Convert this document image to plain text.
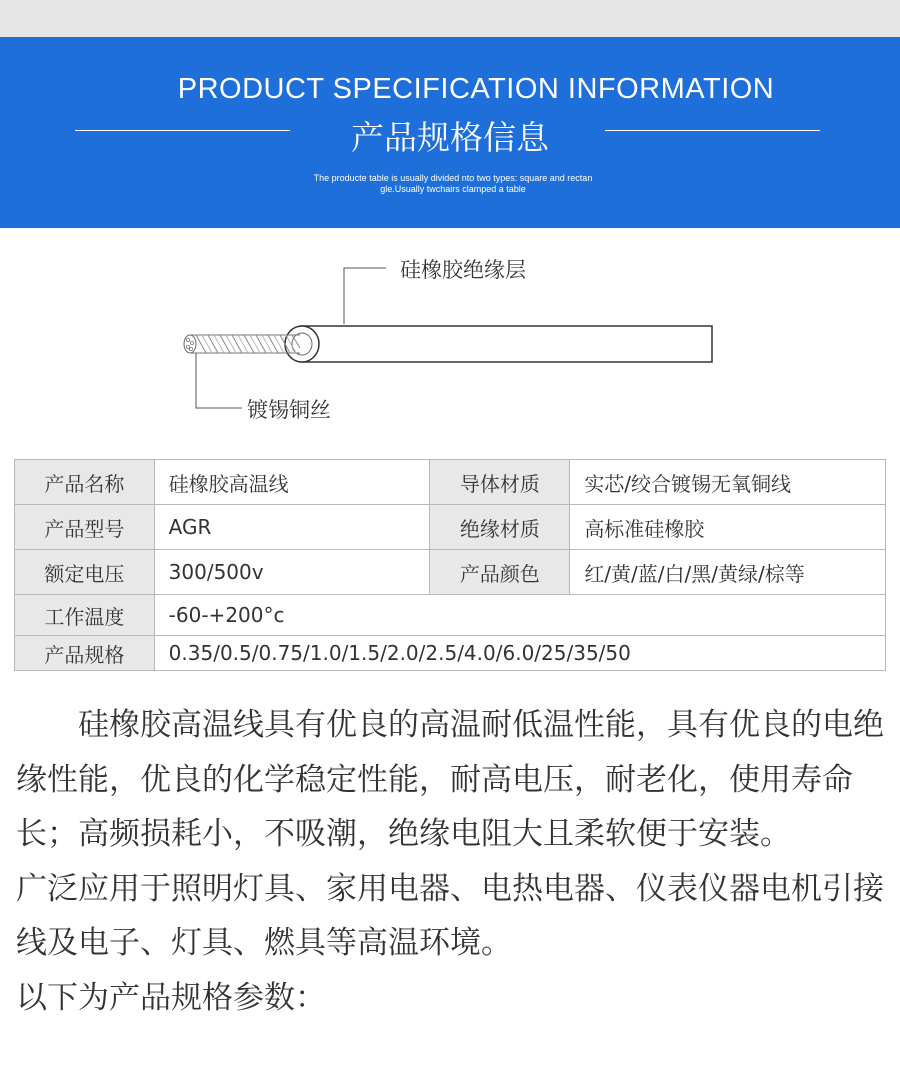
PRODUCT SPECIFICATION INFORMATION
产品规格信息
The producte table is usually divided nto two types: square and rectan
gle.Usually twchairs clamped a table
硅橡胶绝缘层
镀锡铜丝
产品名称	硅橡胶高温线	导体材质	实芯/绞合镀锡无氧铜线
产品型号	AGR	绝缘材质	高标准硅橡胶
额定电压	300/500v	产品颜色	红/黄/蓝/白/黑/黄绿/棕等
工作温度	-60-+200°c		
产品规格	0.35/0.5/0.75/1.0/1.5/2.0/2.5/4.0/6.0/25/35/50		

硅橡胶高温线具有优良的高温耐低温性能，具有优良的电绝缘性能，优良的化学稳定性能，耐高电压，耐老化，使用寿命长；高频损耗小，不吸潮，绝缘电阻大且柔软便于安装。

广泛应用于照明灯具、家用电器、电热电器、仪表仪器电机引接线及电子、灯具、燃具等高温环境。

以下为产品规格参数：
